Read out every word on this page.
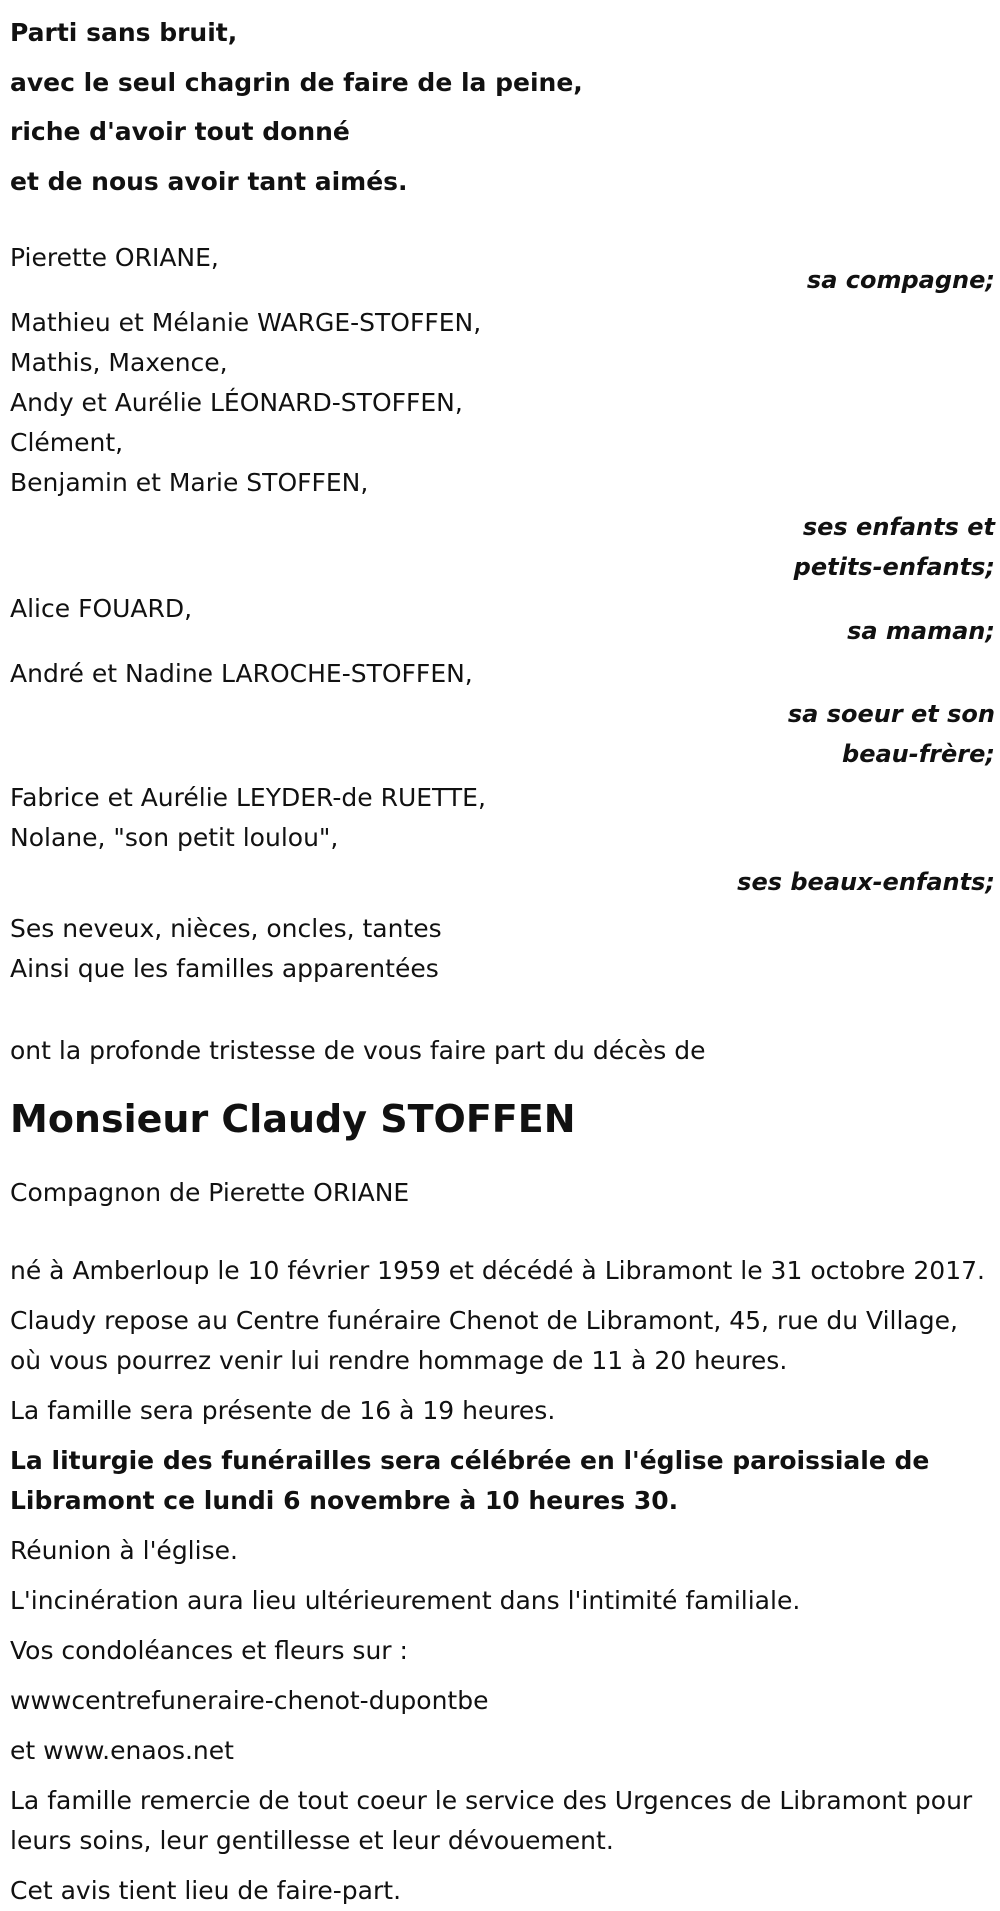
Parti sans bruit,
avec le seul chagrin de faire de la peine,
riche d'avoir tout donné
et de nous avoir tant aimés.
Pierette ORIANE,
sa compagne;
Mathieu et Mélanie WARGE-STOFFEN,
Mathis, Maxence,
Andy et Aurélie LÉONARD-STOFFEN,
Clément,
Benjamin et Marie STOFFEN,
ses enfants et
petits-enfants;
Alice FOUARD,
sa maman;
André et Nadine LAROCHE-STOFFEN,
sa soeur et son
beau-frère;
Fabrice et Aurélie LEYDER-de RUETTE,
Nolane, "son petit loulou",
ses beaux-enfants;
Ses neveux, nièces, oncles, tantes
Ainsi que les familles apparentées

ont la profonde tristesse de vous faire part du décès de

Monsieur Claudy STOFFEN

Compagnon de Pierette ORIANE

né à Amberloup le 10 février 1959 et décédé à Libramont le 31 octobre 2017.

Claudy repose au Centre funéraire Chenot de Libramont, 45, rue du Village, où vous pourrez venir lui rendre hommage de 11 à 20 heures.

La famille sera présente de 16 à 19 heures.

La liturgie des funérailles sera célébrée en l'église paroissiale de Libramont ce lundi 6 novembre à 10 heures 30.

Réunion à l'église.

L'incinération aura lieu ultérieurement dans l'intimité familiale.

Vos condoléances et fleurs sur :

wwwcentrefuneraire-chenot-dupontbe

et www.enaos.net

La famille remercie de tout coeur le service des Urgences de Libramont pour leurs soins, leur gentillesse et leur dévouement.

Cet avis tient lieu de faire-part.
